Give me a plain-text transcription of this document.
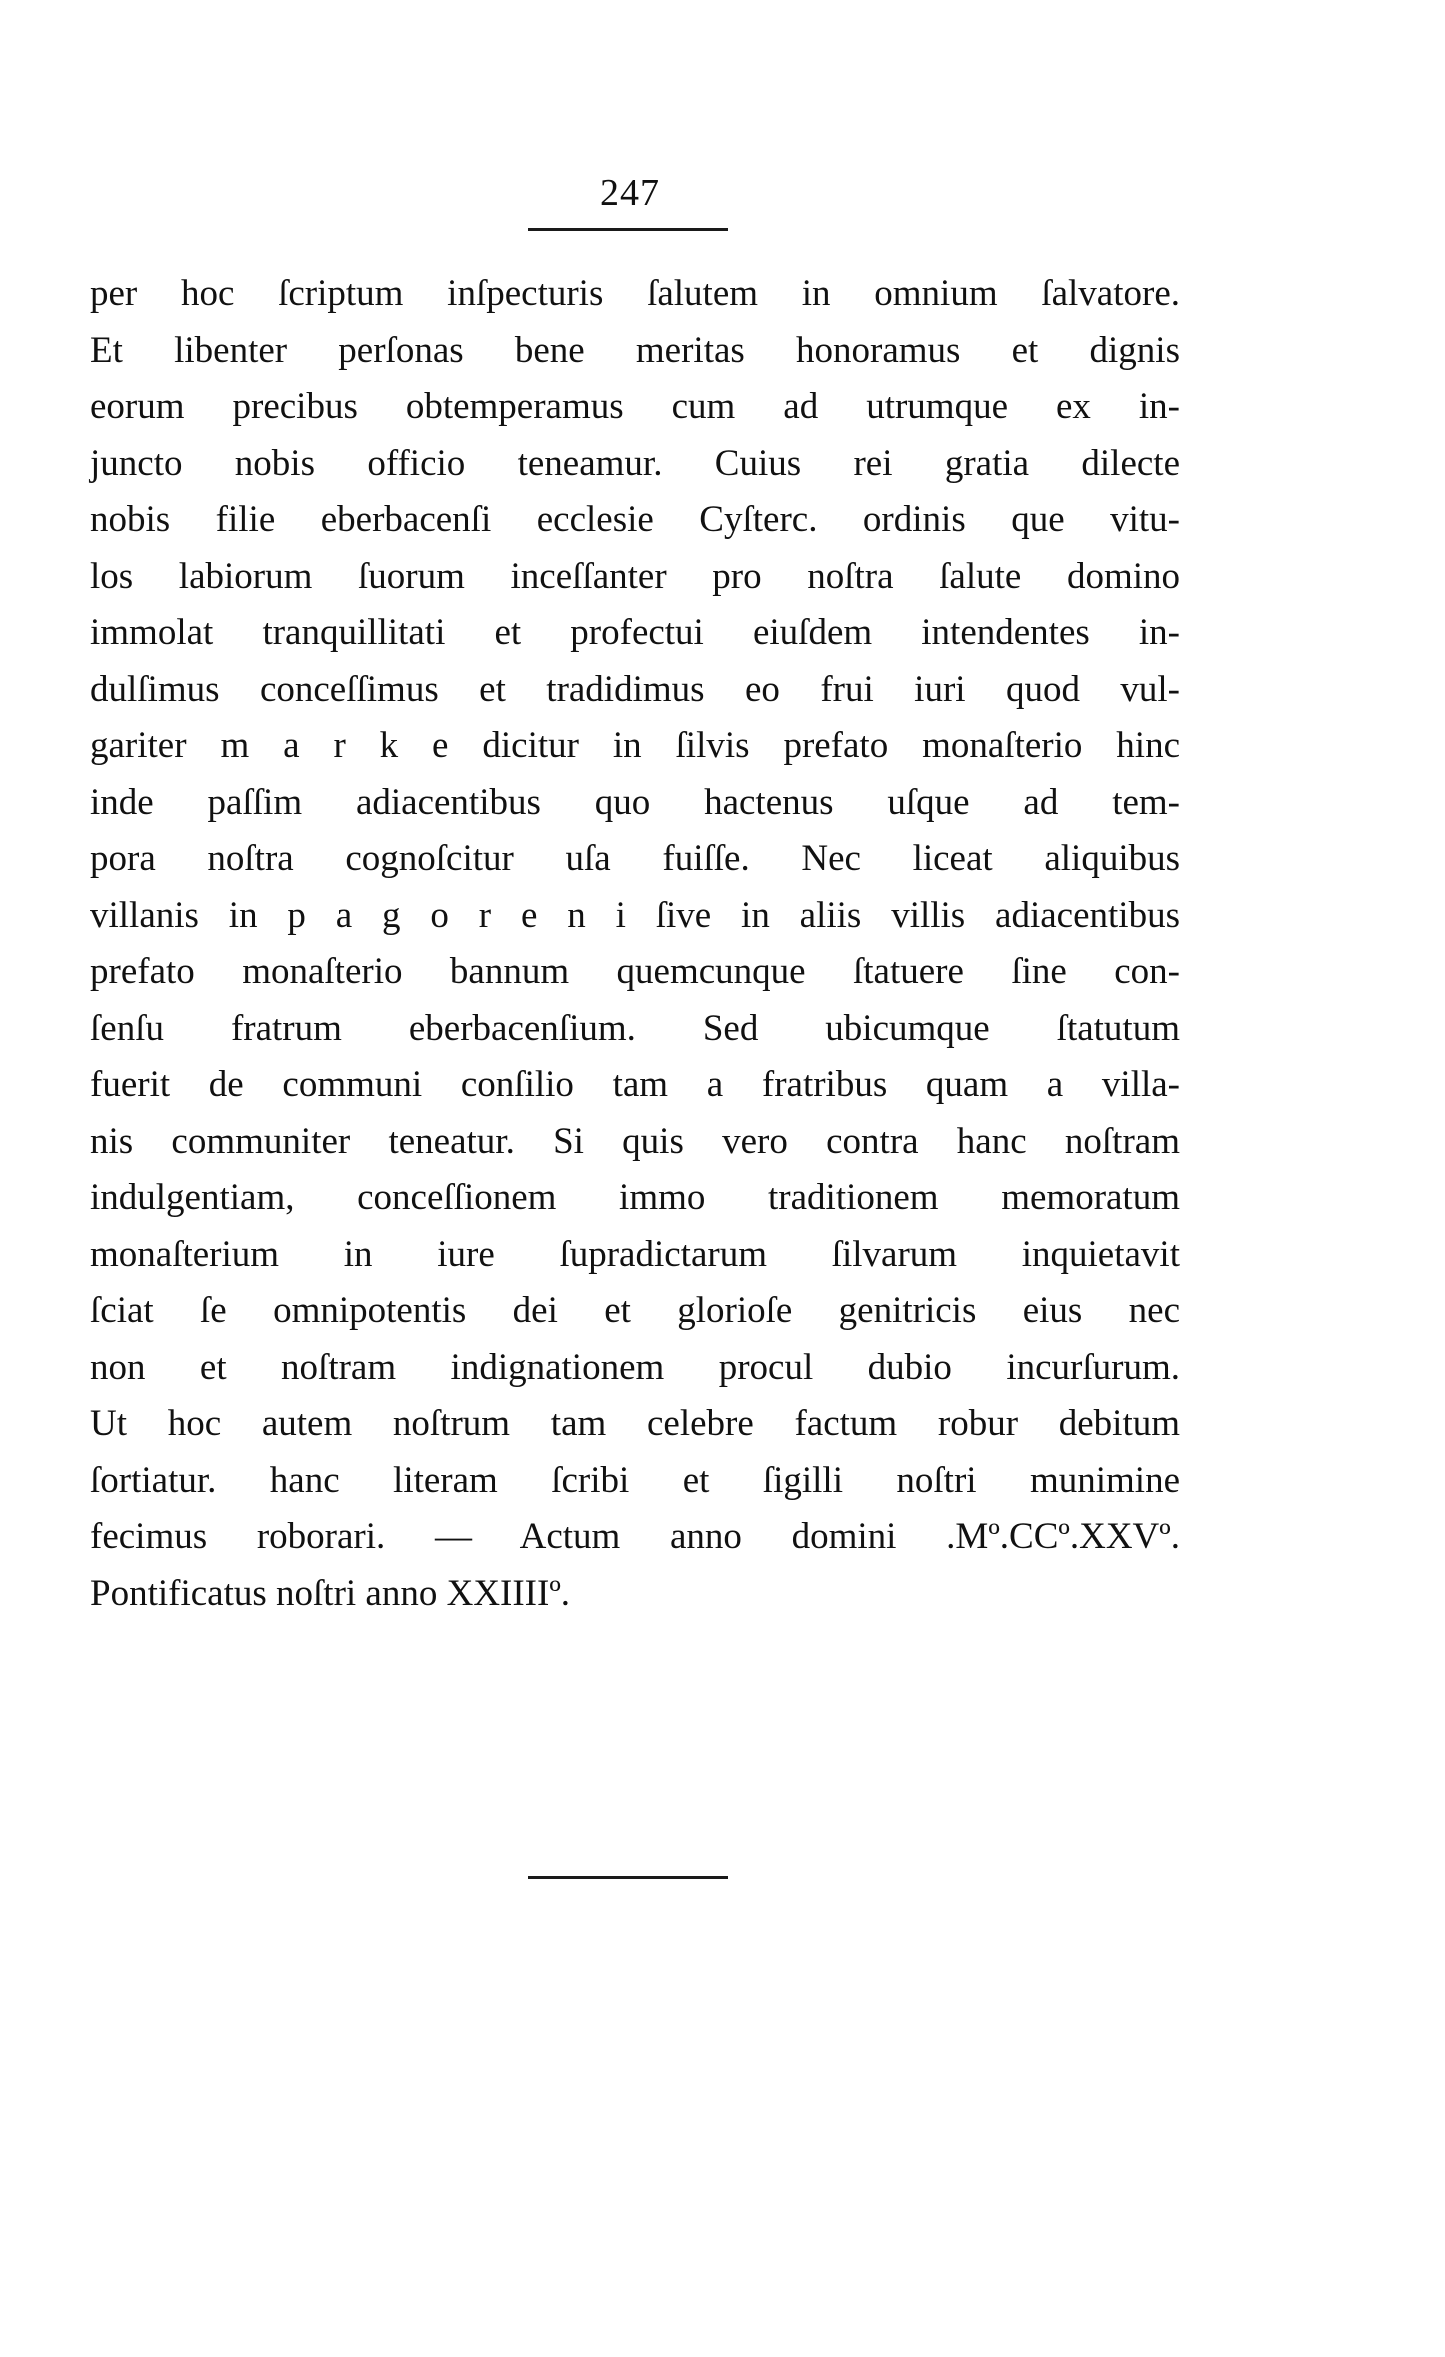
247
per hoc ſcriptum inſpecturis ſalutem in omnium ſalvatore.
Et libenter perſonas bene meritas honoramus et dignis
eorum precibus obtemperamus cum ad utrumque ex in-
juncto nobis officio teneamur. Cuius rei gratia dilecte
nobis filie eberbacenſi ecclesie Cyſterc. ordinis que vitu-
los labiorum ſuorum inceſſanter pro noſtra ſalute domino
immolat tranquillitati et profectui eiuſdem intendentes in-
dulſimus conceſſimus et tradidimus eo frui iuri quod vul-
gariter m a r k e dicitur in ſilvis prefato monaſterio hinc
inde paſſim adiacentibus quo hactenus uſque ad tem-
pora noſtra cognoſcitur uſa fuiſſe. Nec liceat aliquibus
villanis in p a g o r e n i ſive in aliis villis adiacentibus
prefato monaſterio bannum quemcunque ſtatuere ſine con-
ſenſu fratrum eberbacenſium. Sed ubicumque ſtatutum
fuerit de communi conſilio tam a fratribus quam a villa-
nis communiter teneatur. Si quis vero contra hanc noſtram
indulgentiam, conceſſionem immo traditionem memoratum
monaſterium in iure ſupradictarum ſilvarum inquietavit
ſciat ſe omnipotentis dei et glorioſe genitricis eius nec
non et noſtram indignationem procul dubio incurſurum.
Ut hoc autem noſtrum tam celebre factum robur debitum
ſortiatur. hanc literam ſcribi et ſigilli noſtri munimine
fecimus roborari. — Actum anno domini .Mº.CCº.XXVº.
Pontificatus noſtri anno XXIIIIº.
